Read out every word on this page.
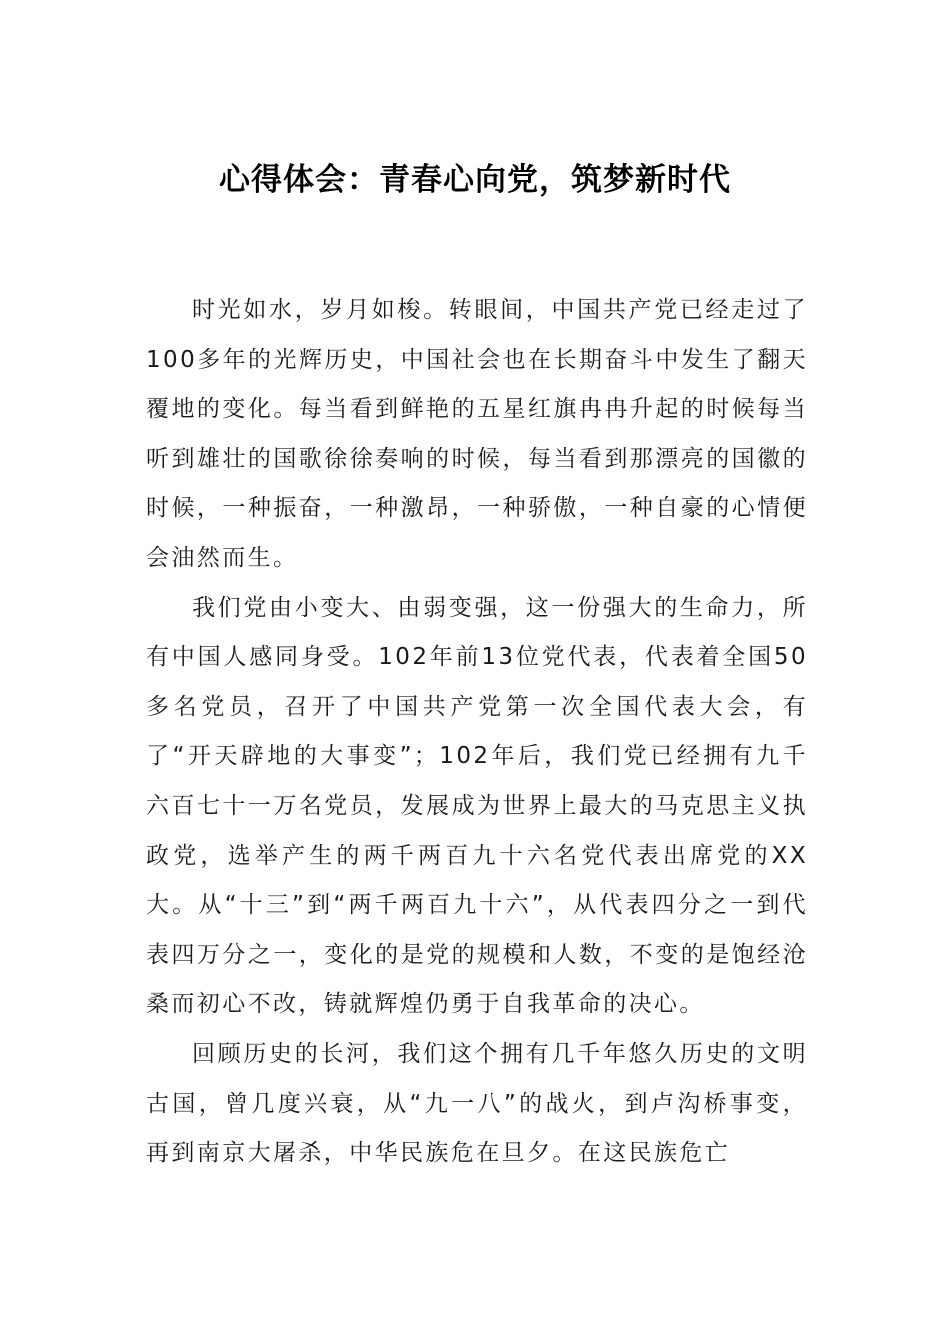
心得体会：青春心向党，筑梦新时代

时光如水，岁月如梭。转眼间，中国共产党已经走过了100多年的光辉历史，中国社会也在长期奋斗中发生了翻天覆地的变化。每当看到鲜艳的五星红旗冉冉升起的时候每当听到雄壮的国歌徐徐奏响的时候，每当看到那漂亮的国徽的时候，一种振奋，一种激昂，一种骄傲，一种自豪的心情便会油然而生。

我们党由小变大、由弱变强，这一份强大的生命力，所有中国人感同身受。102年前13位党代表，代表着全国50多名党员，召开了中国共产党第一次全国代表大会，有了“开天辟地的大事变”；102年后，我们党已经拥有九千六百七十一万名党员，发展成为世界上最大的马克思主义执政党，选举产生的两千两百九十六名党代表出席党的XX大。从“十三”到“两千两百九十六”，从代表四分之一到代表四万分之一，变化的是党的规模和人数，不变的是饱经沧桑而初心不改，铸就辉煌仍勇于自我革命的决心。

回顾历史的长河，我们这个拥有几千年悠久历史的文明古国，曾几度兴衰，从“九一八”的战火，到卢沟桥事变，再到南京大屠杀，中华民族危在旦夕。在这民族危亡
